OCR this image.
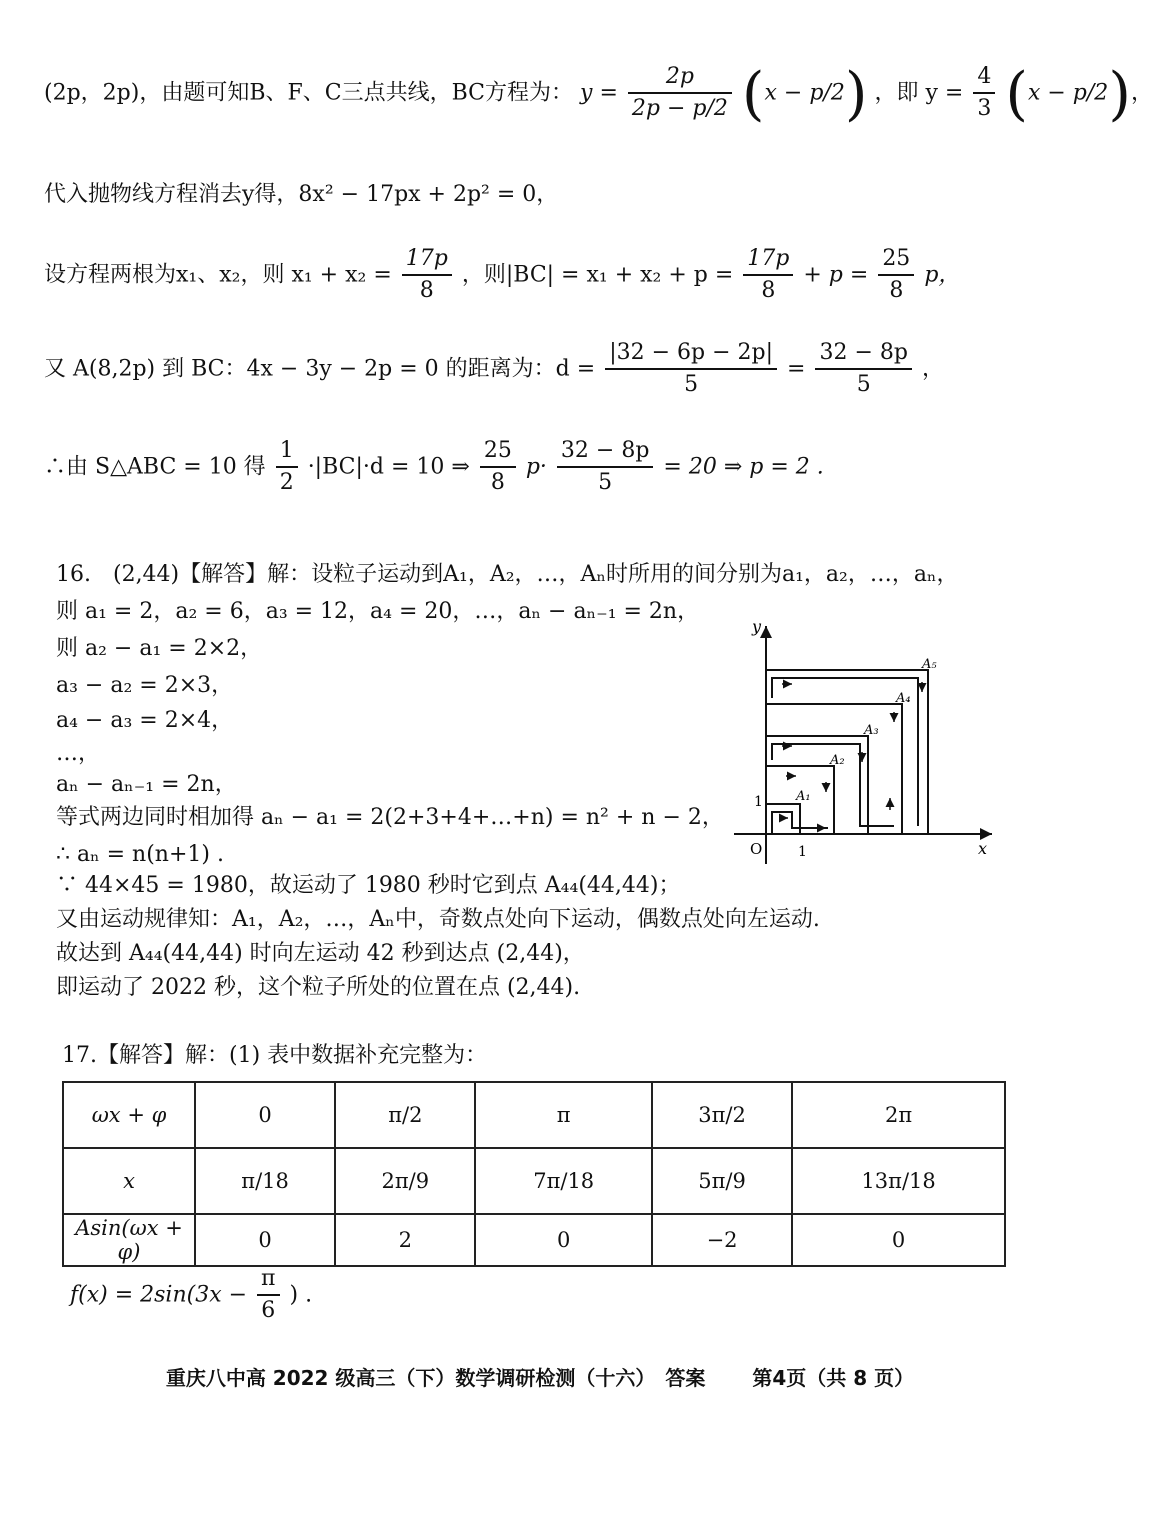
(2p，2p)，由题可知B、F、C三点共线，BC方程为： $y = \frac{2p}{2p - p/2} (x - p/2)$ ，即 $y = \frac{4}{3} (x - p/2)$，
代入抛物线方程消去y得，8x² − 17px + 2p² = 0，
设方程两根为x₁、x₂，则 $x_1 + x_2 = \frac{17p}{8}$ ，则$|BC| = x_1 + x_2 + p = \frac{17p}{8} + p = \frac{25}{8}$ p，
又 A(8,2p) 到 BC：4x − 3y − 2p = 0 的距离为：$d = \frac{|32 - 6p - 2p|}{5} = \frac{32 - 8p}{5}$ ，
∴由 S△ABC = 10 得 $\frac{1}{2} \cdot|BC|\cdot d = 10$ ⇒ $\frac{25}{8} p\cdot \frac{32 - 8p}{5} = 20$ ⇒ p = 2 .
16.　(2,44)【解答】解：设粒子运动到A₁，A₂，…，Aₙ时所用的间分别为a₁，a₂，…，aₙ，
则 a₁ = 2，a₂ = 6，a₃ = 12，a₄ = 20，…，aₙ − aₙ₋₁ = 2n，
则 a₂ − a₁ = 2×2，
a₃ − a₂ = 2×3，
a₄ − a₃ = 2×4，
…，
aₙ − aₙ₋₁ = 2n，
等式两边同时相加得 aₙ − a₁ = 2(2+3+4+…+n) = n² + n − 2，
∴ aₙ = n(n+1) .
∵ 44×45 = 1980，故运动了 1980 秒时它到点 A₄₄(44,44)；
又由运动规律知：A₁，A₂，…，Aₙ中，奇数点处向下运动，偶数点处向左运动.
故达到 A₄₄(44,44) 时向左运动 42 秒到达点 (2,44)，
即运动了 2022 秒，这个粒子所处的位置在点 (2,44).
y
x
O	1
1	A₁
A₂
A₃
A₄
A₅
17.【解答】解：(1) 表中数据补充完整为：
ωx + φ	0	π/2	π	3π/2	2π
x	π/18	2π/9	7π/18	5π/9	13π/18
Asin(ωx + φ)	0	2	0	−2	0
$f(x) = 2\sin(3x - \frac{\pi}{6}$ ) .
重庆八中高 2022 级高三（下）数学调研检测（十六）　答案 第4页（共 8 页）
